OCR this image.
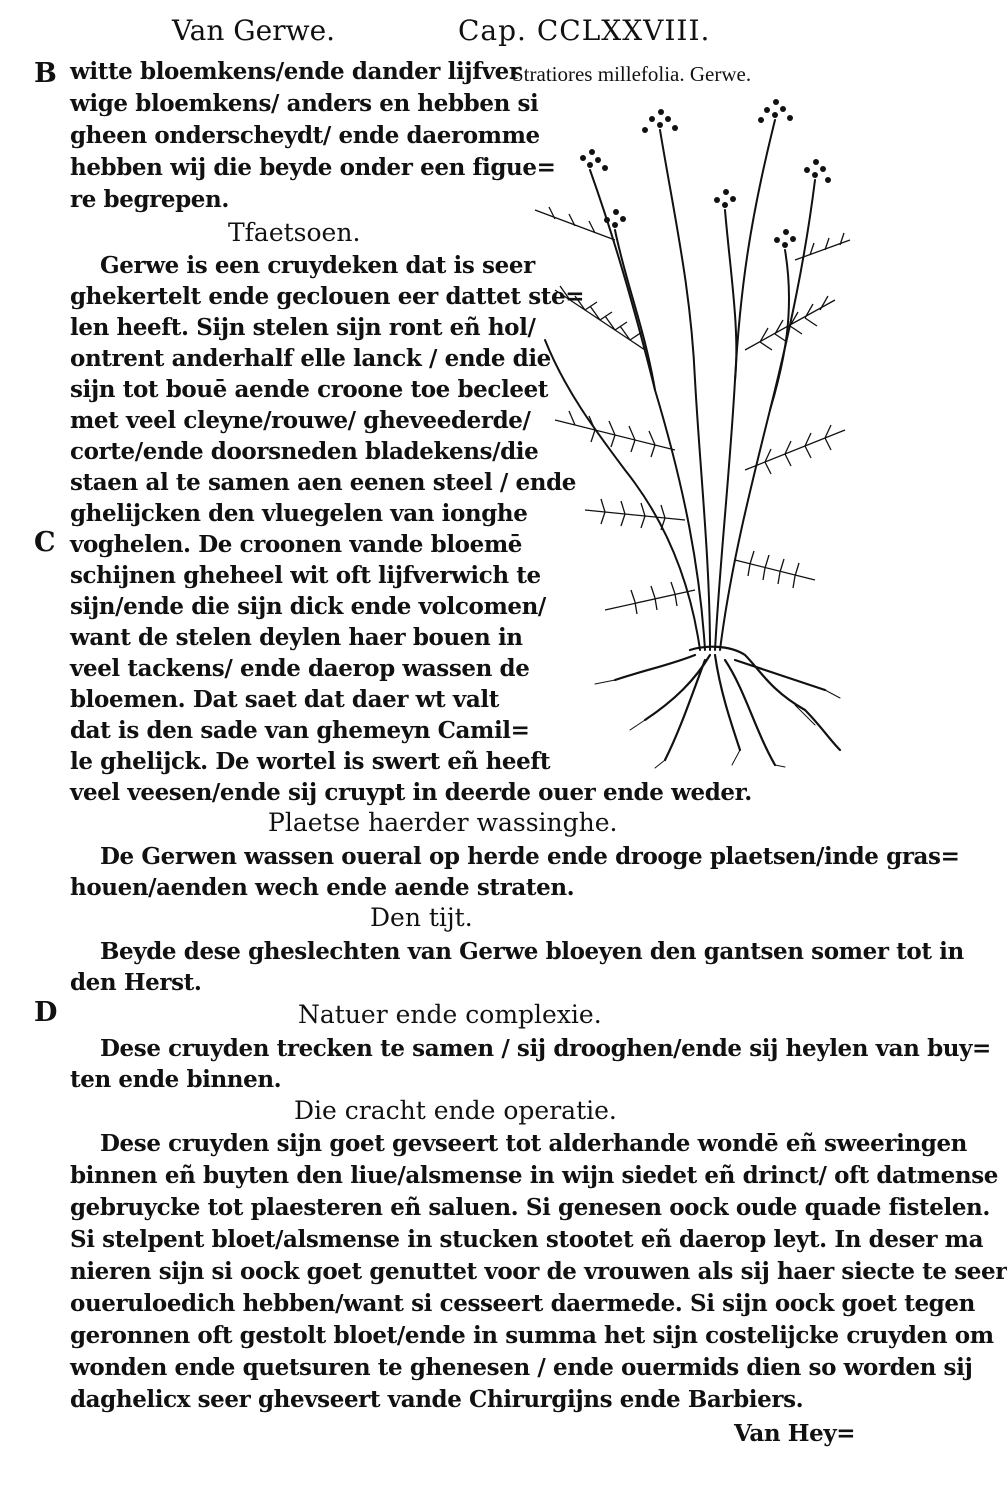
Van Gerwe.	Cap. CCLXXVIII.
Stratiores millefolia. Gerwe.
B
C
D
witte bloemkens/ende dander lijfver
wige bloemkens/ anders en hebben si
gheen onderscheydt/ ende daeromme
hebben wij die beyde onder een figue=
re begrepen.
Tfaetsoen.
Gerwe is een cruydeken dat is seer
ghekertelt ende geclouen eer dattet ste=
len heeft. Sijn stelen sijn ront eñ hol/
ontrent anderhalf elle lanck / ende die
sijn tot bouē aende croone toe becleet
met veel cleyne/rouwe/ gheveederde/
corte/ende doorsneden bladekens/die
staen al te samen aen eenen steel / ende
ghelijcken den vluegelen van ionghe
voghelen. De croonen vande bloemē
schijnen gheheel wit oft lijfverwich te
sijn/ende die sijn dick ende volcomen/
want de stelen deylen haer bouen in
veel tackens/ ende daerop wassen de
bloemen. Dat saet dat daer wt valt
dat is den sade van ghemeyn Camil=
le ghelijck. De wortel is swert eñ heeft
veel veesen/ende sij cruypt in deerde ouer ende weder.
Plaetse haerder wassinghe.
De Gerwen wassen oueral op herde ende drooge plaetsen/inde gras=
houen/aenden wech ende aende straten.
Den tijt.
Beyde dese gheslechten van Gerwe bloeyen den gantsen somer tot in
den Herst.
Natuer ende complexie.
Dese cruyden trecken te samen / sij drooghen/ende sij heylen van buy=
ten ende binnen.
Die cracht ende operatie.
Dese cruyden sijn goet gevseert tot alderhande wondē eñ sweeringen
binnen eñ buyten den liue/alsmense in wijn siedet eñ drinct/ oft datmense
gebruycke tot plaesteren eñ saluen. Si genesen oock oude quade fistelen.
Si stelpent bloet/alsmense in stucken stootet eñ daerop leyt. In deser ma
nieren sijn si oock goet genuttet voor de vrouwen als sij haer siecte te seer
oueruloedich hebben/want si cesseert daermede. Si sijn oock goet tegen
geronnen oft gestolt bloet/ende in summa het sijn costelijcke cruyden om
wonden ende quetsuren te ghenesen / ende ouermids dien so worden sij
daghelicx seer ghevseert vande Chirurgijns ende Barbiers.
Van Hey=
